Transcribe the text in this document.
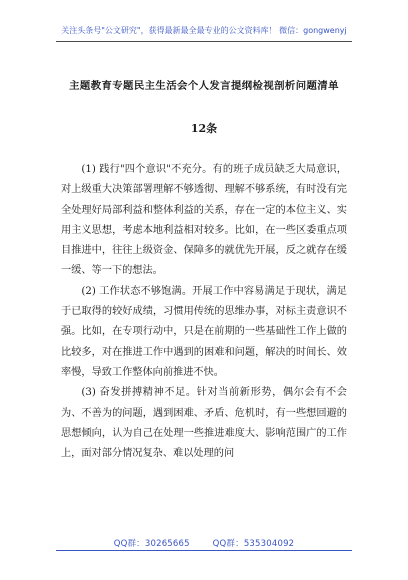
关注头条号"公文研究"，获得最新最全最专业的公文资料库！ 微信：gongwenyj
主题教育专题民主生活会个人发言提纲检视剖析问题清单
12条

(1) 践行"四个意识"不充分。有的班子成员缺乏大局意识，对上级重大决策部署理解不够透彻、理解不够系统，有时没有完全处理好局部利益和整体利益的关系，存在一定的本位主义、实用主义思想，考虑本地利益相对较多。比如，在一些区委重点项目推进中，往往上级资金、保障多的就优先开展，反之就存在缓一缓、等一下的想法。

(2) 工作状态不够饱满。开展工作中容易满足于现状，满足于已取得的较好成绩，习惯用传统的思维办事，对标主责意识不强。比如，在专项行动中，只是在前期的一些基础性工作上做的比较多，对在推进工作中遇到的困难和问题，解决的时间长、效率慢，导致工作整体向前推进不快。

(3) 奋发拼搏精神不足。针对当前新形势，偶尔会有不会为、不善为的问题，遇到困难、矛盾、危机时，有一些想回避的思想倾向，认为自己在处理一些推进难度大、影响范围广的工作上，面对部分情况复杂、难以处理的问

QQ群：30265665	QQ群：535304092
